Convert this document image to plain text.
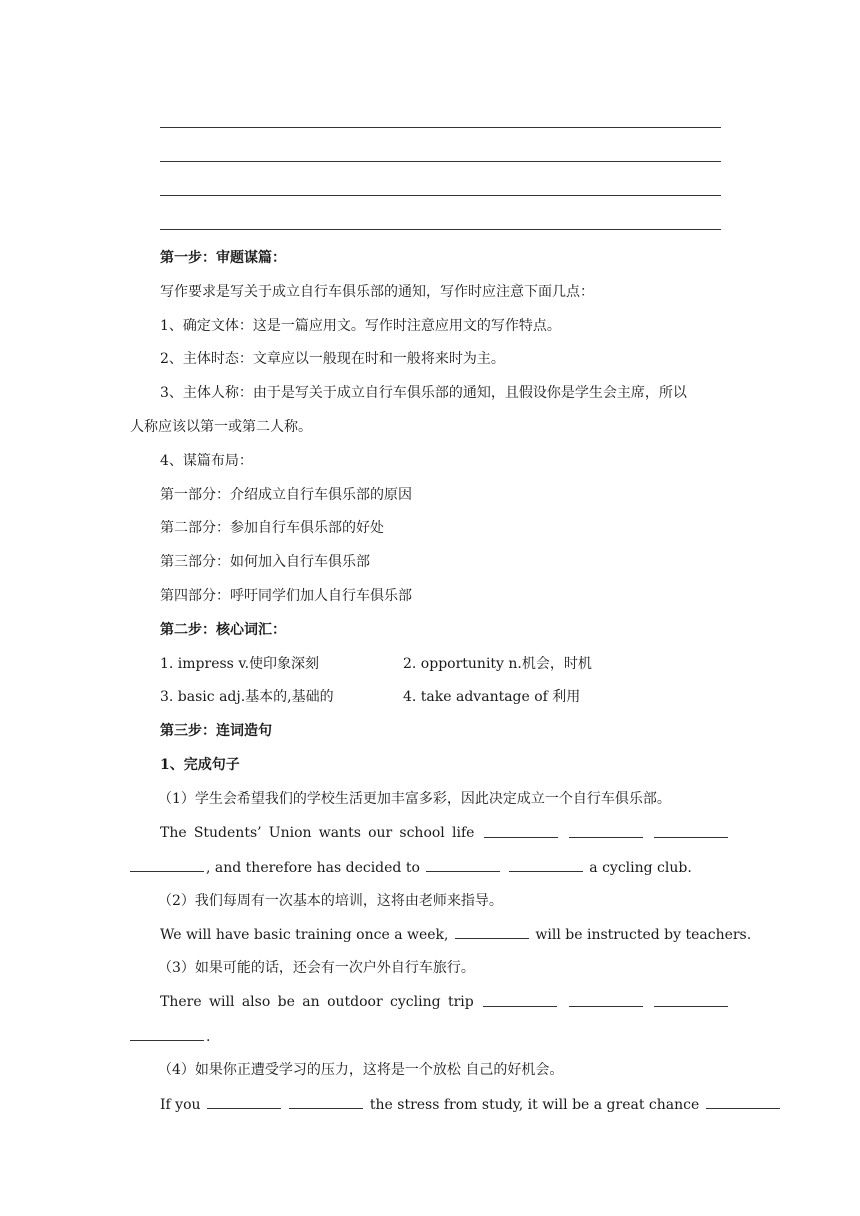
第一步：审题谋篇：
写作要求是写关于成立自行车俱乐部的通知，写作时应注意下面几点：
1、确定文体：这是一篇应用文。写作时注意应用文的写作特点。
2、主体时态：文章应以一般现在时和一般将来时为主。
3、主体人称：由于是写关于成立自行车俱乐部的通知，且假设你是学生会主席，所以
人称应该以第一或第二人称。
4、谋篇布局：
第一部分：介绍成立自行车俱乐部的原因
第二部分：参加自行车俱乐部的好处
第三部分：如何加入自行车俱乐部
第四部分：呼吁同学们加人自行车俱乐部
第二步：核心词汇：
1. impress v.使印象深刻	2. opportunity n.机会，时机
3. basic adj.基本的,基础的	4. take advantage of 利用
第三步：连词造句
1、完成句子
（1）学生会希望我们的学校生活更加丰富多彩，因此决定成立一个自行车俱乐部。
The Students’ Union wants our school life
, and therefore has decided to	a cycling club.
（2）我们每周有一次基本的培训，这将由老师来指导。
We will have basic training once a week,	will be instructed by teachers.
（3）如果可能的话，还会有一次户外自行车旅行。
There will also be an outdoor cycling trip
.
（4）如果你正遭受学习的压力，这将是一个放松 自己的好机会。
If you	the stress from study, it will be a great chance
